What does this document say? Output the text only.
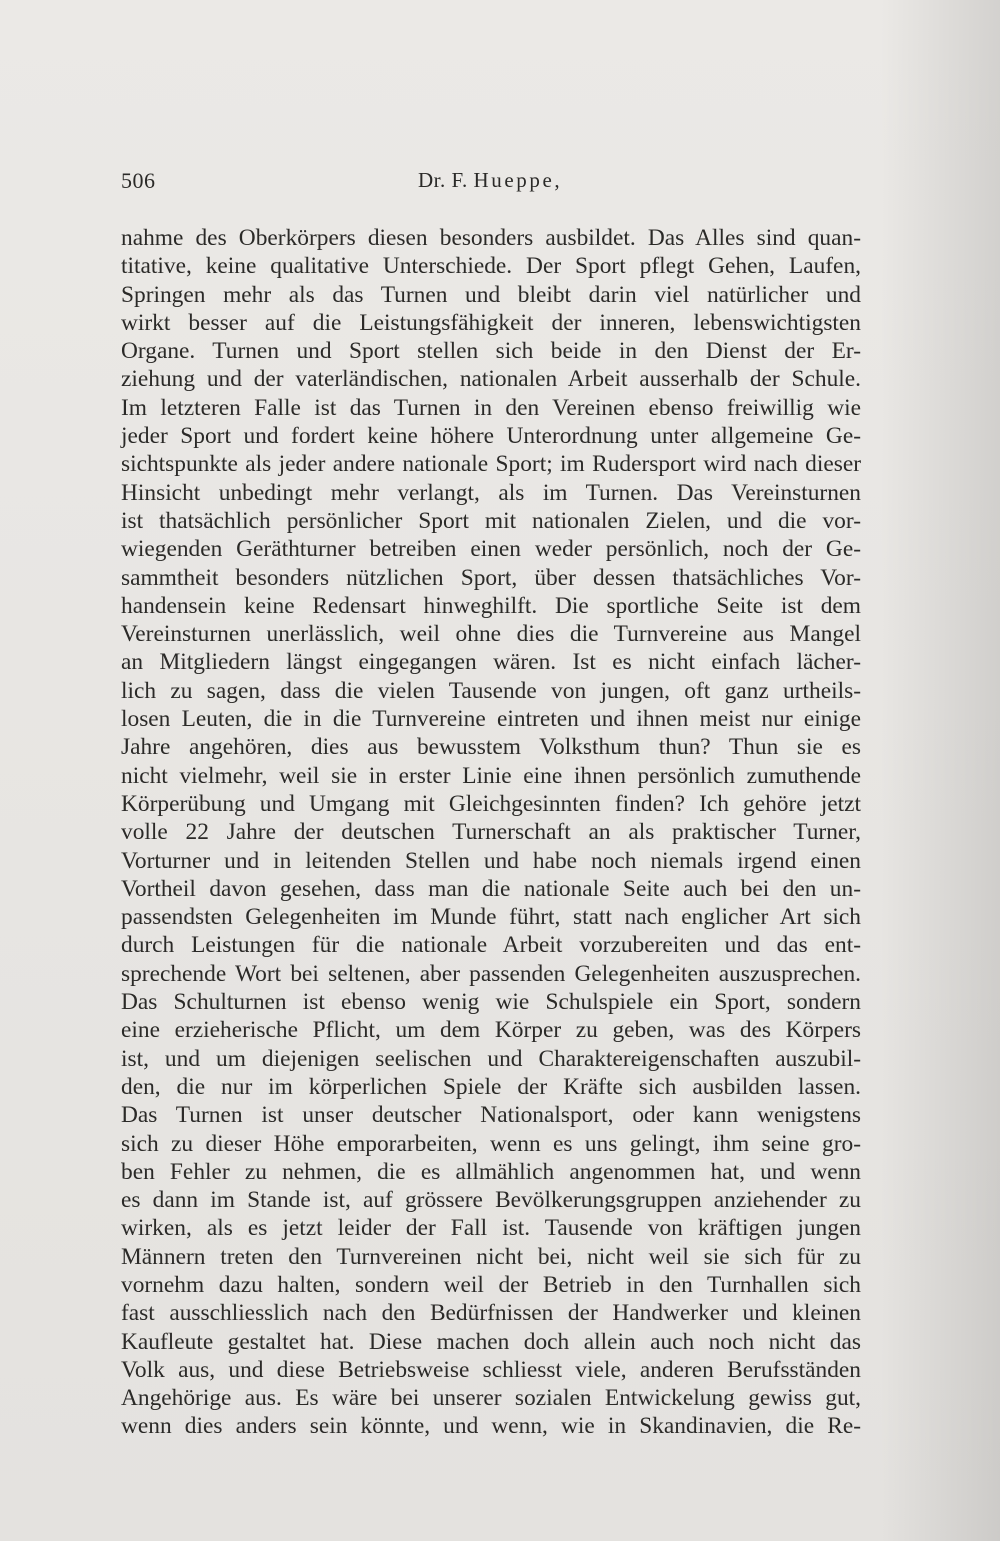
506	Dr. F. Hueppe,
nahme des Oberkörpers diesen besonders ausbildet. Das Alles sind quan-
titative, keine qualitative Unterschiede. Der Sport pflegt Gehen, Laufen,
Springen mehr als das Turnen und bleibt darin viel natürlicher und
wirkt besser auf die Leistungsfähigkeit der inneren, lebenswichtigsten
Organe. Turnen und Sport stellen sich beide in den Dienst der Er-
ziehung und der vaterländischen, nationalen Arbeit ausserhalb der Schule.
Im letzteren Falle ist das Turnen in den Vereinen ebenso freiwillig wie
jeder Sport und fordert keine höhere Unterordnung unter allgemeine Ge-
sichtspunkte als jeder andere nationale Sport; im Rudersport wird nach dieser
Hinsicht unbedingt mehr verlangt, als im Turnen. Das Vereinsturnen
ist thatsächlich persönlicher Sport mit nationalen Zielen, und die vor-
wiegenden Geräthturner betreiben einen weder persönlich, noch der Ge-
sammtheit besonders nützlichen Sport, über dessen thatsächliches Vor-
handensein keine Redensart hinweghilft. Die sportliche Seite ist dem
Vereinsturnen unerlässlich, weil ohne dies die Turnvereine aus Mangel
an Mitgliedern längst eingegangen wären. Ist es nicht einfach lächer-
lich zu sagen, dass die vielen Tausende von jungen, oft ganz urtheils-
losen Leuten, die in die Turnvereine eintreten und ihnen meist nur einige
Jahre angehören, dies aus bewusstem Volksthum thun? Thun sie es
nicht vielmehr, weil sie in erster Linie eine ihnen persönlich zumuthende
Körperübung und Umgang mit Gleichgesinnten finden? Ich gehöre jetzt
volle 22 Jahre der deutschen Turnerschaft an als praktischer Turner,
Vorturner und in leitenden Stellen und habe noch niemals irgend einen
Vortheil davon gesehen, dass man die nationale Seite auch bei den un-
passendsten Gelegenheiten im Munde führt, statt nach englicher Art sich
durch Leistungen für die nationale Arbeit vorzubereiten und das ent-
sprechende Wort bei seltenen, aber passenden Gelegenheiten auszusprechen.
Das Schulturnen ist ebenso wenig wie Schulspiele ein Sport, sondern
eine erzieherische Pflicht, um dem Körper zu geben, was des Körpers
ist, und um diejenigen seelischen und Charaktereigenschaften auszubil-
den, die nur im körperlichen Spiele der Kräfte sich ausbilden lassen.
Das Turnen ist unser deutscher Nationalsport, oder kann wenigstens
sich zu dieser Höhe emporarbeiten, wenn es uns gelingt, ihm seine gro-
ben Fehler zu nehmen, die es allmählich angenommen hat, und wenn
es dann im Stande ist, auf grössere Bevölkerungsgruppen anziehender zu
wirken, als es jetzt leider der Fall ist. Tausende von kräftigen jungen
Männern treten den Turnvereinen nicht bei, nicht weil sie sich für zu
vornehm dazu halten, sondern weil der Betrieb in den Turnhallen sich
fast ausschliesslich nach den Bedürfnissen der Handwerker und kleinen
Kaufleute gestaltet hat. Diese machen doch allein auch noch nicht das
Volk aus, und diese Betriebsweise schliesst viele, anderen Berufsständen
Angehörige aus. Es wäre bei unserer sozialen Entwickelung gewiss gut,
wenn dies anders sein könnte, und wenn, wie in Skandinavien, die Re-
